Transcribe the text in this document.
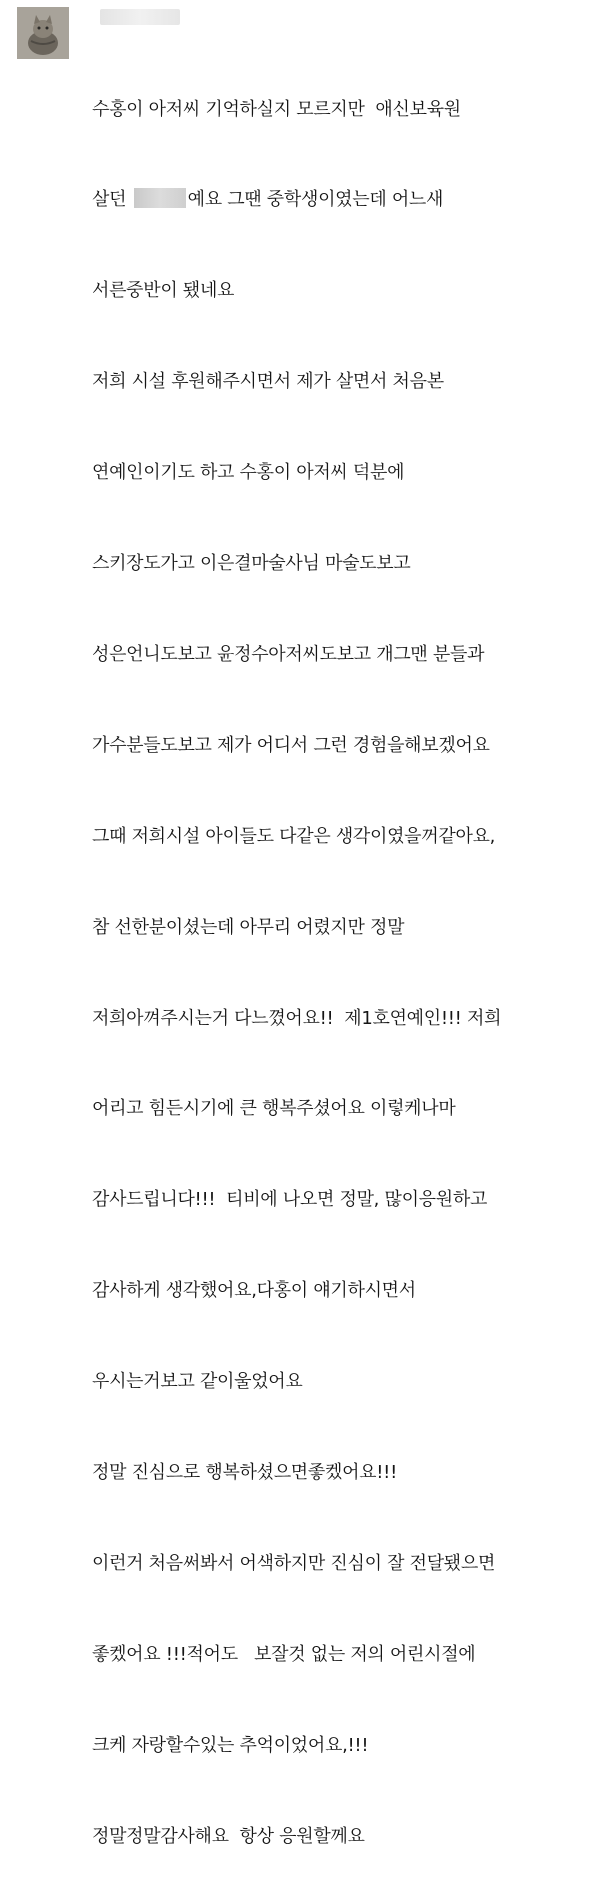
수홍이 아저씨 기억하실지 모르지만  애신보육원

살던	예요 그땐 중학생이였는데 어느새

서른중반이 됐네요

저희 시설 후원해주시면서 제가 살면서 처음본

연예인이기도 하고 수홍이 아저씨 덕분에

스키장도가고 이은결마술사님 마술도보고

성은언니도보고 윤정수아저씨도보고 개그맨 분들과

가수분들도보고 제가 어디서 그런 경험을해보겠어요

그때 저희시설 아이들도 다같은 생각이였을꺼같아요,

참 선한분이셨는데 아무리 어렸지만 정말

저희아껴주시는거 다느꼈어요!!  제1호연예인!!! 저희

어리고 힘든시기에 큰 행복주셨어요 이렇케나마

감사드립니다!!!  티비에 나오면 정말, 많이응원하고

감사하게 생각했어요,다홍이 얘기하시면서

우시는거보고 같이울었어요

정말 진심으로 행복하셨으면좋켔어요!!!

이런거 처음써봐서 어색하지만 진심이 잘 전달됐으면

좋켔어요 !!!적어도   보잘것 없는 저의 어린시절에

크케 자랑할수있는 추억이었어요,!!!

정말정말감사해요  항상 응원할께요
